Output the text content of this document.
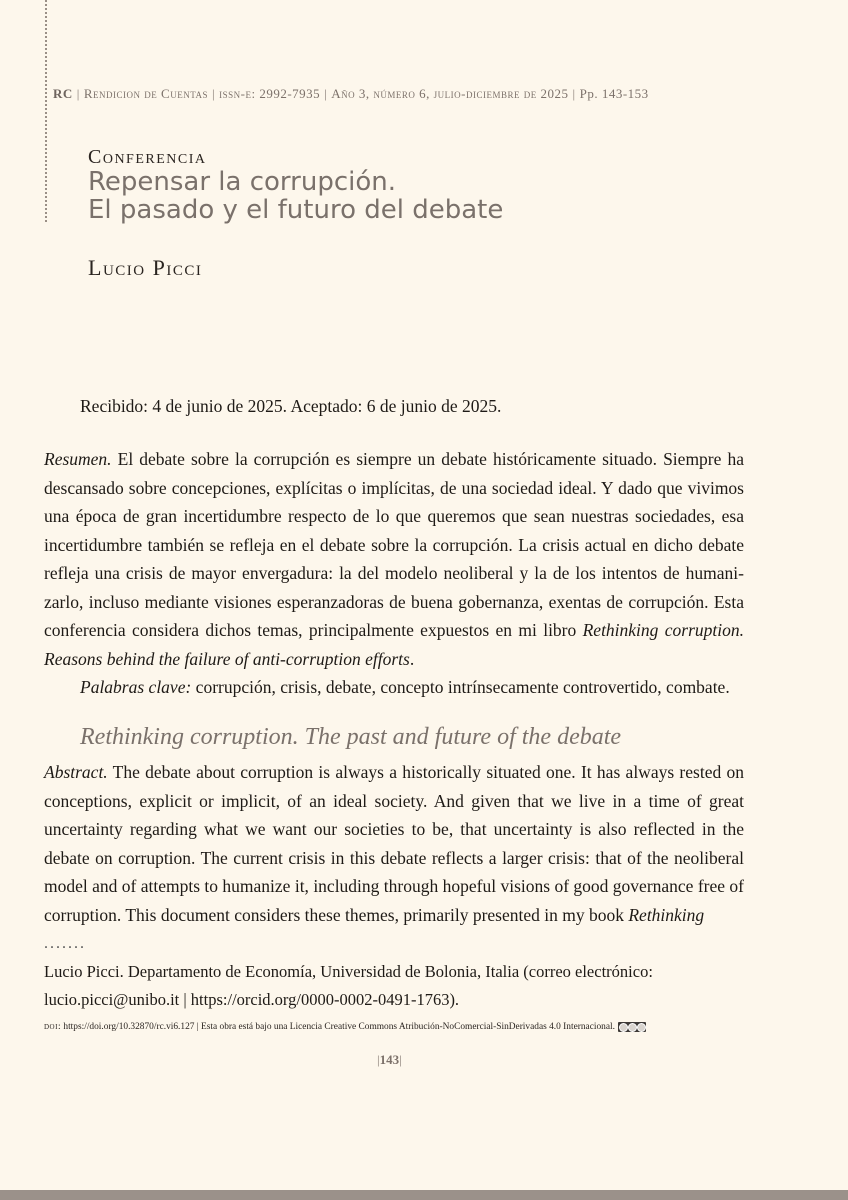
RC | Rendicion de Cuentas | issn-e: 2992-7935 | Año 3, número 6, julio-diciembre de 2025 | Pp. 143-153
Conferencia
Repensar la corrupción.
El pasado y el futuro del debate
Lucio Picci

Recibido: 4 de junio de 2025. Aceptado: 6 de junio de 2025.

Resumen. El debate sobre la corrupción es siempre un debate históricamente situado. Siempre ha descansado sobre concepciones, explícitas o implícitas, de una sociedad ideal. Y dado que vivimos una época de gran incertidumbre respecto de lo que queremos que sean nuestras sociedades, esa incertidumbre también se refleja en el debate sobre la corrupción. La crisis actual en dicho debate refleja una crisis de mayor envergadura: la del modelo neoliberal y la de los intentos de humanizarlo, incluso mediante visiones esperanzadoras de buena gobernanza, exentas de corrupción. Esta conferencia considera dichos temas, principalmente expuestos en mi libro Rethinking corruption. Reasons behind the failure of anti-corruption efforts.

Palabras clave: corrupción, crisis, debate, concepto intrínsecamente controvertido, combate.

Rethinking corruption. The past and future of the debate

Abstract. The debate about corruption is always a historically situated one. It has always rested on conceptions, explicit or implicit, of an ideal society. And given that we live in a time of great uncertainty regarding what we want our societies to be, that uncertainty is also reflected in the debate on corruption. The current crisis in this debate reflects a larger crisis: that of the neoliberal model and of attempts to humanize it, including through hopeful visions of good governance free of corruption. This document considers these themes, primarily presented in my book Rethinking

.......
Lucio Picci. Departamento de Economía, Universidad de Bolonia, Italia (correo electrónico: lucio.picci@unibo.it | https://orcid.org/0000-0002-0491-1763).
doi: https://doi.org/10.32870/rc.vi6.127 | Esta obra está bajo una Licencia Creative Commons Atribución-NoComercial-SinDerivadas 4.0 Internacional.
|143|
